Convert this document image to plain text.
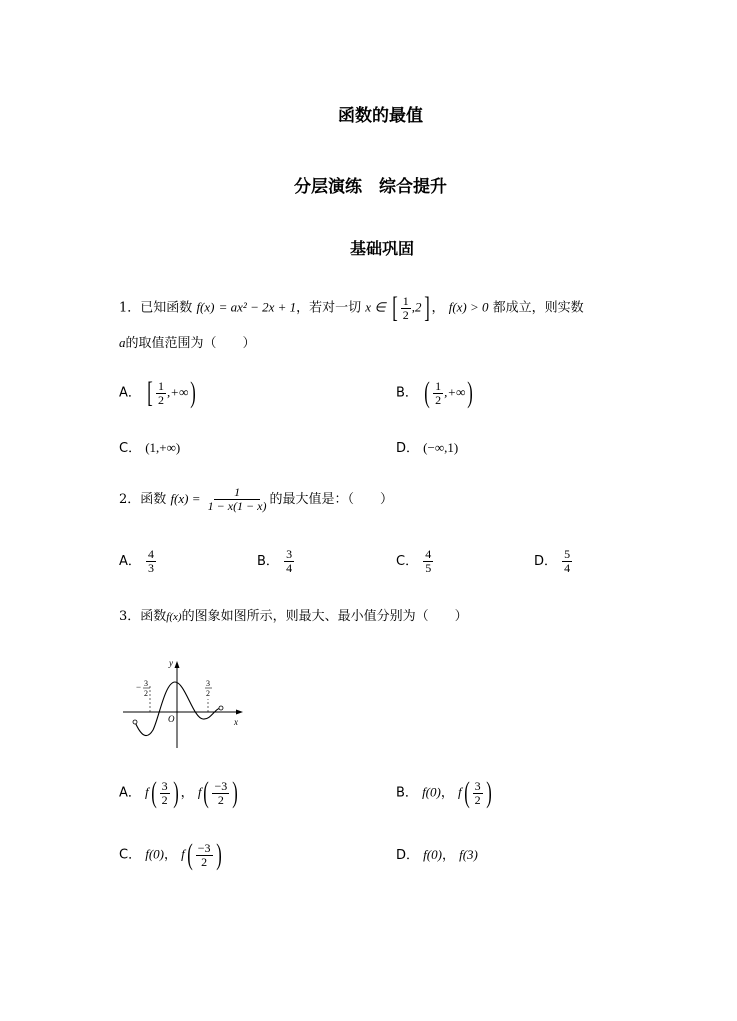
函数的最值
分层演练　综合提升
基础巩固
1．已知函数 f(x) = ax² − 2x + 1，若对一切 x ∈ [ $\frac{1}{2} ,2$] ， f(x) > 0 都成立，则实数
a的取值范围为（　　）
A． [ $\frac{1}{2}$ ,+∞)	B． ( $\frac{1}{2}$ ,+∞)
C． (1,+∞)	D． (−∞,1)
2．函数 $f(x) = \frac{1}{1 - x(1 - x)}$ 的最大值是：（　　）
A． $\frac{4}{3}$	B． $\frac{3}{4}$	C． $\frac{4}{5}$	D． $\frac{5}{4}$
3．函数f(x)的图象如图所示，则最大、最小值分别为（　　）
y
x
O
− 3
2
3
2
A． $f( \frac{3}{2}$ ) ， $f( \frac{-3}{2}$ )	B． f(0)， $f( \frac{3}{2}$ )
C． f(0)， $f( \frac{-3}{2}$ )	D． f(0)， f(3)
